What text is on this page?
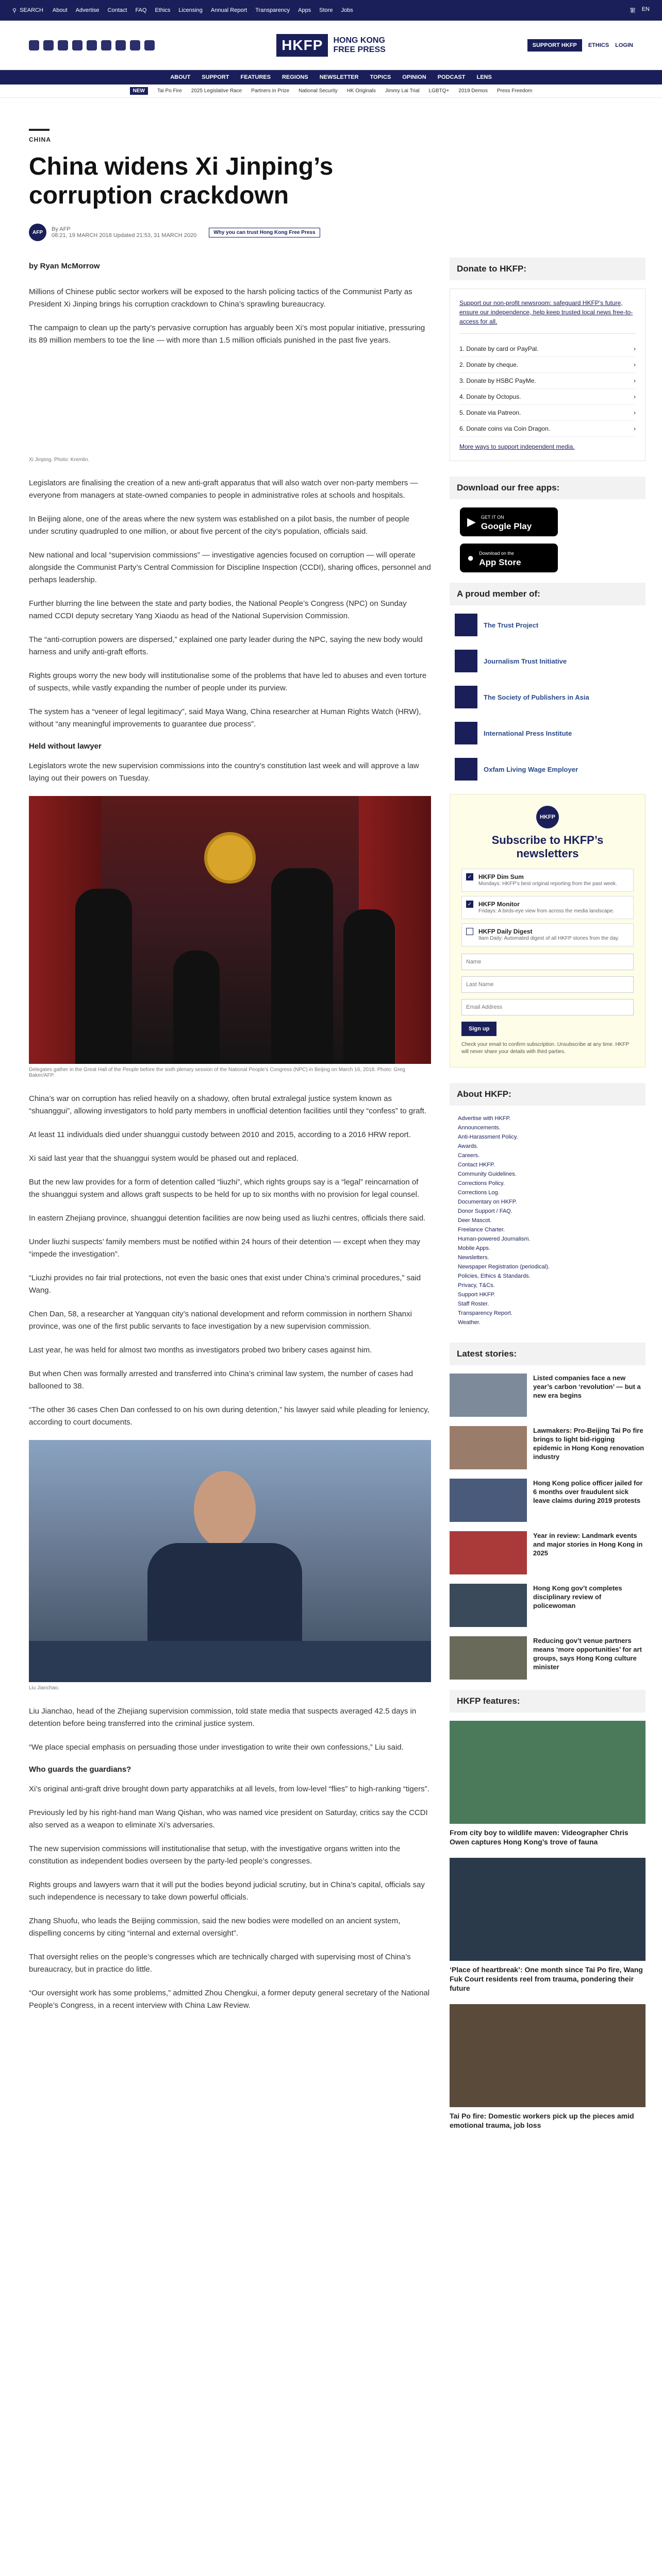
⚲ SEARCH About Advertise Contact FAQ Ethics Licensing Annual Report Transparency Apps Store Jobs	繁 EN
HKFP	HONG KONG
FREE PRESS	SUPPORT HKFP	ETHICS LOGIN
ABOUT SUPPORT FEATURES REGIONS NEWSLETTER TOPICS OPINION PODCAST LENS
NEW	Tai Po Fire 2025 Legislative Race Partners in Prize National Security HK Originals Jimmy Lai Trial LGBTQ+ 2019 Demos Press Freedom
CHINA
China widens Xi Jinping’s corruption crackdown
AFP	By AFP
08:21, 19 MARCH 2018 Updated 21:53, 31 MARCH 2020	Why you can trust Hong Kong Free Press
by Ryan McMorrow

Millions of Chinese public sector workers will be exposed to the harsh policing tactics of the Communist Party as President Xi Jinping brings his corruption crackdown to China’s sprawling bureaucracy.

The campaign to clean up the party’s pervasive corruption has arguably been Xi’s most popular initiative, pressuring its 89 million members to toe the line — with more than 1.5 million officials punished in the past five years.

Xi Jinping. Photo: Kremlin.

Legislators are finalising the creation of a new anti-graft apparatus that will also watch over non-party members — everyone from managers at state-owned companies to people in administrative roles at schools and hospitals.

In Beijing alone, one of the areas where the new system was established on a pilot basis, the number of people under scrutiny quadrupled to one million, or about five percent of the city’s population, officials said.

New national and local “supervision commissions” — investigative agencies focused on corruption — will operate alongside the Communist Party’s Central Commission for Discipline Inspection (CCDI), sharing offices, personnel and perhaps leadership.

Further blurring the line between the state and party bodies, the National People’s Congress (NPC) on Sunday named CCDI deputy secretary Yang Xiaodu as head of the National Supervision Commission.

The “anti-corruption powers are dispersed,” explained one party leader during the NPC, saying the new body would harness and unify anti-graft efforts.

Rights groups worry the new body will institutionalise some of the problems that have led to abuses and even torture of suspects, while vastly expanding the number of people under its purview.

The system has a “veneer of legal legitimacy”, said Maya Wang, China researcher at Human Rights Watch (HRW), without “any meaningful improvements to guarantee due process”.

Held without lawyer

Legislators wrote the new supervision commissions into the country’s constitution last week and will approve a law laying out their powers on Tuesday.

Delegates gather in the Great Hall of the People before the sixth plenary session of the National People’s Congress (NPC) in Beijing on March 16, 2018. Photo: Greg Baker/AFP.

China’s war on corruption has relied heavily on a shadowy, often brutal extralegal justice system known as “shuanggui”, allowing investigators to hold party members in unofficial detention facilities until they “confess” to graft.

At least 11 individuals died under shuanggui custody between 2010 and 2015, according to a 2016 HRW report.

Xi said last year that the shuanggui system would be phased out and replaced.

But the new law provides for a form of detention called “liuzhi”, which rights groups say is a “legal” reincarnation of the shuanggui system and allows graft suspects to be held for up to six months with no provision for legal counsel.

In eastern Zhejiang province, shuanggui detention facilities are now being used as liuzhi centres, officials there said.

Under liuzhi suspects’ family members must be notified within 24 hours of their detention — except when they may “impede the investigation”.

“Liuzhi provides no fair trial protections, not even the basic ones that exist under China’s criminal procedures,” said Wang.

Chen Dan, 58, a researcher at Yangquan city’s national development and reform commission in northern Shanxi province, was one of the first public servants to face investigation by a new supervision commission.

Last year, he was held for almost two months as investigators probed two bribery cases against him.

But when Chen was formally arrested and transferred into China’s criminal law system, the number of cases had ballooned to 38.

“The other 36 cases Chen Dan confessed to on his own during detention,” his lawyer said while pleading for leniency, according to court documents.

Liu Jianchao.

Liu Jianchao, head of the Zhejiang supervision commission, told state media that suspects averaged 42.5 days in detention before being transferred into the criminal justice system.

“We place special emphasis on persuading those under investigation to write their own confessions,” Liu said.

Who guards the guardians?

Xi’s original anti-graft drive brought down party apparatchiks at all levels, from low-level “flies” to high-ranking “tigers”.

Previously led by his right-hand man Wang Qishan, who was named vice president on Saturday, critics say the CCDI also served as a weapon to eliminate Xi’s adversaries.

The new supervision commissions will institutionalise that setup, with the investigative organs written into the constitution as independent bodies overseen by the party-led people’s congresses.

Rights groups and lawyers warn that it will put the bodies beyond judicial scrutiny, but in China’s capital, officials say such independence is necessary to take down powerful officials.

Zhang Shuofu, who leads the Beijing commission, said the new bodies were modelled on an ancient system, dispelling concerns by citing “internal and external oversight”.

That oversight relies on the people’s congresses which are technically charged with supervising most of China’s bureaucracy, but in practice do little.

“Our oversight work has some problems,” admitted Zhou Chengkui, a former deputy general secretary of the National People’s Congress, in a recent interview with China Law Review.

Donate to HKFP:

Support our non-profit newsroom: safeguard HKFP’s future, ensure our independence, help keep trusted local news free-to-access for all.

1. Donate by card or PayPal.	›
2. Donate by cheque.	›
3. Donate by HSBC PayMe.	›
4. Donate by Octopus.	›
5. Donate via Patreon.	›
6. Donate coins via Coin Dragon.	›

More ways to support independent media.

Download our free apps:
▶ GET IT ON
Google Play
● Download on the
App Store
A proud member of:
The Trust Project
Journalism Trust Initiative
The Society of Publishers in Asia
International Press Institute
Oxfam Living Wage Employer
HKFP
Subscribe to HKFP’s newsletters
✓ HKFP Dim Sum
Mondays: HKFP’s best original reporting from the past week.
✓ HKFP Monitor
Fridays: A birds-eye view from across the media landscape.
HKFP Daily Digest
9am Daily: Automated digest of all HKFP stories from the day.
Name Last Name Email Address
Sign up

Check your email to confirm subscription. Unsubscribe at any time. HKFP will never share your details with third parties.

About HKFP:
Advertise with HKFP.
Announcements.
Anti-Harassment Policy.
Awards.
Careers.
Contact HKFP.
Community Guidelines.
Corrections Policy.
Corrections Log.
Documentary on HKFP.
Donor Support / FAQ.
Deer Mascot.
Freelance Charter.
Human-powered Journalism.
Mobile Apps.
Newsletters.
Newspaper Registration (periodical).
Policies, Ethics & Standards.
Privacy, T&Cs.
Support HKFP.
Staff Roster.
Transparency Report.
Weather.
Latest stories:
Listed companies face a new year’s carbon ‘revolution’ — but a new era begins
Lawmakers: Pro-Beijing Tai Po fire brings to light bid-rigging epidemic in Hong Kong renovation industry
Hong Kong police officer jailed for 6 months over fraudulent sick leave claims during 2019 protests
Year in review: Landmark events and major stories in Hong Kong in 2025
Hong Kong gov’t completes disciplinary review of policewoman
Reducing gov’t venue partners means ‘more opportunities’ for art groups, says Hong Kong culture minister
HKFP features:
From city boy to wildlife maven: Videographer Chris Owen captures Hong Kong’s trove of fauna
‘Place of heartbreak’: One month since Tai Po fire, Wang Fuk Court residents reel from trauma, pondering their future
Tai Po fire: Domestic workers pick up the pieces amid emotional trauma, job loss
